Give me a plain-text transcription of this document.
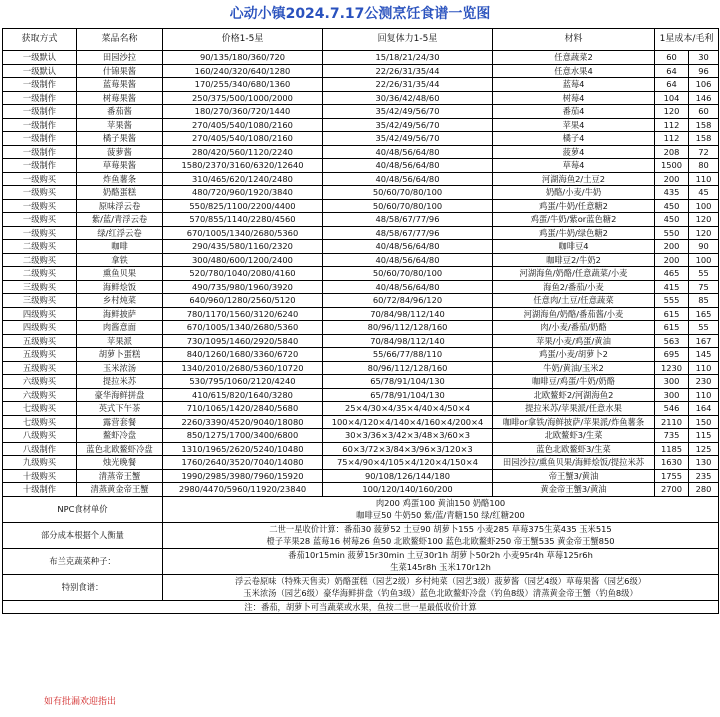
心动小镇2024.7.17公测烹饪食谱一览图
获取方式	菜品名称	价格1-5星	回复体力1-5星	材料	1星成本/毛利	
一级默认	田园沙拉	90/135/180/360/720	15/18/21/24/30	任意蔬菜2	60	30
一级默认	什锦果酱	160/240/320/640/1280	22/26/31/35/44	任意水果4	64	96
一级制作	蓝莓果酱	170/255/340/680/1360	22/26/31/35/44	蓝莓4	64	106
一级制作	树莓果酱	250/375/500/1000/2000	30/36/42/48/60	树莓4	104	146
一级制作	番茄酱	180/270/360/720/1440	35/42/49/56/70	番茄4	120	60
一级制作	苹果酱	270/405/540/1080/2160	35/42/49/56/70	苹果4	112	158
一级制作	橘子果酱	270/405/540/1080/2160	35/42/49/56/70	橘子4	112	158
一级制作	菠萝酱	280/420/560/1120/2240	40/48/56/64/80	菠萝4	208	72
一级制作	草莓果酱	1580/2370/3160/6320/12640	40/48/56/64/80	草莓4	1500	80
一级购买	炸鱼薯条	310/465/620/1240/2480	40/48/56/64/80	河湖海鱼2/土豆2	200	110
一级购买	奶酪蛋糕	480/720/960/1920/3840	50/60/70/80/100	奶酪/小麦/牛奶	435	45
一级购买	原味浮云卷	550/825/1100/2200/4400	50/60/70/80/100	鸡蛋/牛奶/任意糖2	450	100
一级购买	紫/蓝/青浮云卷	570/855/1140/2280/4560	48/58/67/77/96	鸡蛋/牛奶/紫or蓝色糖2	450	120
一级购买	绿/红浮云卷	670/1005/1340/2680/5360	48/58/67/77/96	鸡蛋/牛奶/绿色糖2	550	120
二级购买	咖啡	290/435/580/1160/2320	40/48/56/64/80	咖啡豆4	200	90
二级购买	拿铁	300/480/600/1200/2400	40/48/56/64/80	咖啡豆2/牛奶2	200	100
二级购买	熏鱼贝果	520/780/1040/2080/4160	50/60/70/80/100	河湖海鱼/奶酪/任意蔬菜/小麦	465	55
三级购买	海鲜烩饭	490/735/980/1960/3920	40/48/56/64/80	海鱼2/番茄/小麦	415	75
三级购买	乡村炖菜	640/960/1280/2560/5120	60/72/84/96/120	任意肉/土豆/任意蔬菜	555	85
四级购买	海鲜披萨	780/1170/1560/3120/6240	70/84/98/112/140	河湖海鱼/奶酪/番茄酱/小麦	615	165
四级购买	肉酱意面	670/1005/1340/2680/5360	80/96/112/128/160	肉/小麦/番茄/奶酪	615	55
五级购买	苹果派	730/1095/1460/2920/5840	70/84/98/112/140	苹果/小麦/鸡蛋/黄油	563	167
五级购买	胡萝卜蛋糕	840/1260/1680/3360/6720	55/66/77/88/110	鸡蛋/小麦/胡萝卜2	695	145
五级购买	玉米浓汤	1340/2010/2680/5360/10720	80/96/112/128/160	牛奶/黄油/玉米2	1230	110
六级购买	提拉米苏	530/795/1060/2120/4240	65/78/91/104/130	咖啡豆/鸡蛋/牛奶/奶酪	300	230
六级购买	豪华海鲜拼盘	410/615/820/1640/3280	65/78/91/104/130	北欧鳌虾2/河湖海鱼2	300	110
七级购买	英式下午茶	710/1065/1420/2840/5680	25×4/30×4/35×4/40×4/50×4	提拉米苏/苹果派/任意水果	546	164
七级购买	露营套餐	2260/3390/4520/9040/18080	100×4/120×4/140×4/160×4/200×4	咖啡or拿铁/海鲜披萨/苹果派/炸鱼薯条	2110	150
八级购买	鳌虾冷盘	850/1275/1700/3400/6800	30×3/36×3/42×3/48×3/60×3	北欧鳌虾3/生菜	735	115
八级制作	蓝色北欧鳌虾冷盘	1310/1965/2620/5240/10480	60×3/72×3/84×3/96×3/120×3	蓝色北欧鳌虾3/生菜	1185	125
九级购买	烛光晚餐	1760/2640/3520/7040/14080	75×4/90×4/105×4/120×4/150×4	田园沙拉/熏鱼贝果/海鲜烩饭/提拉米苏	1630	130
十级购买	清蒸帝王蟹	1990/2985/3980/7960/15920	90/108/126/144/180	帝王蟹3/黄油	1755	235
十级制作	清蒸黄金帝王蟹	2980/4470/5960/11920/23840	100/120/140/160/200	黄金帝王蟹3/黄油	2700	280
NPC食材单价		肉200 鸡蛋100 黄油150 奶酪100
咖啡豆50 牛奶50 紫/蓝/青糖150 绿/红糖200				

部分成本根据个人衡量		二世一星收价计算：番茄30 菠萝52 土豆90 胡萝卜155 小麦285 草莓375生菜435 玉米515
橙子苹果28 蓝莓16 树莓26 鱼50 北欧鳌虾100 蓝色北欧鳌虾250 帝王蟹535 黄金帝王蟹850				

布兰克蔬菜种子：		番茄10r15min 菠萝15r30min 土豆30r1h 胡萝卜50r2h 小麦95r4h 草莓125r6h
生菜145r8h 玉米170r12h				

特别食谱：		浮云卷原味（特殊天售卖）奶酪蛋糕（园艺2级）乡村炖菜（园艺3级）菠萝酱（园艺4级）草莓果酱（园艺6级）
玉米浓汤（园艺6级）豪华海鲜拼盘（钓鱼3级）蓝色北欧鳌虾冷盘（钓鱼8级）清蒸黄金帝王蟹（钓鱼8级）				

注：番茄，胡萝卜可当蔬菜或水果，鱼按二世一星最低收价计算						
如有批漏欢迎指出
